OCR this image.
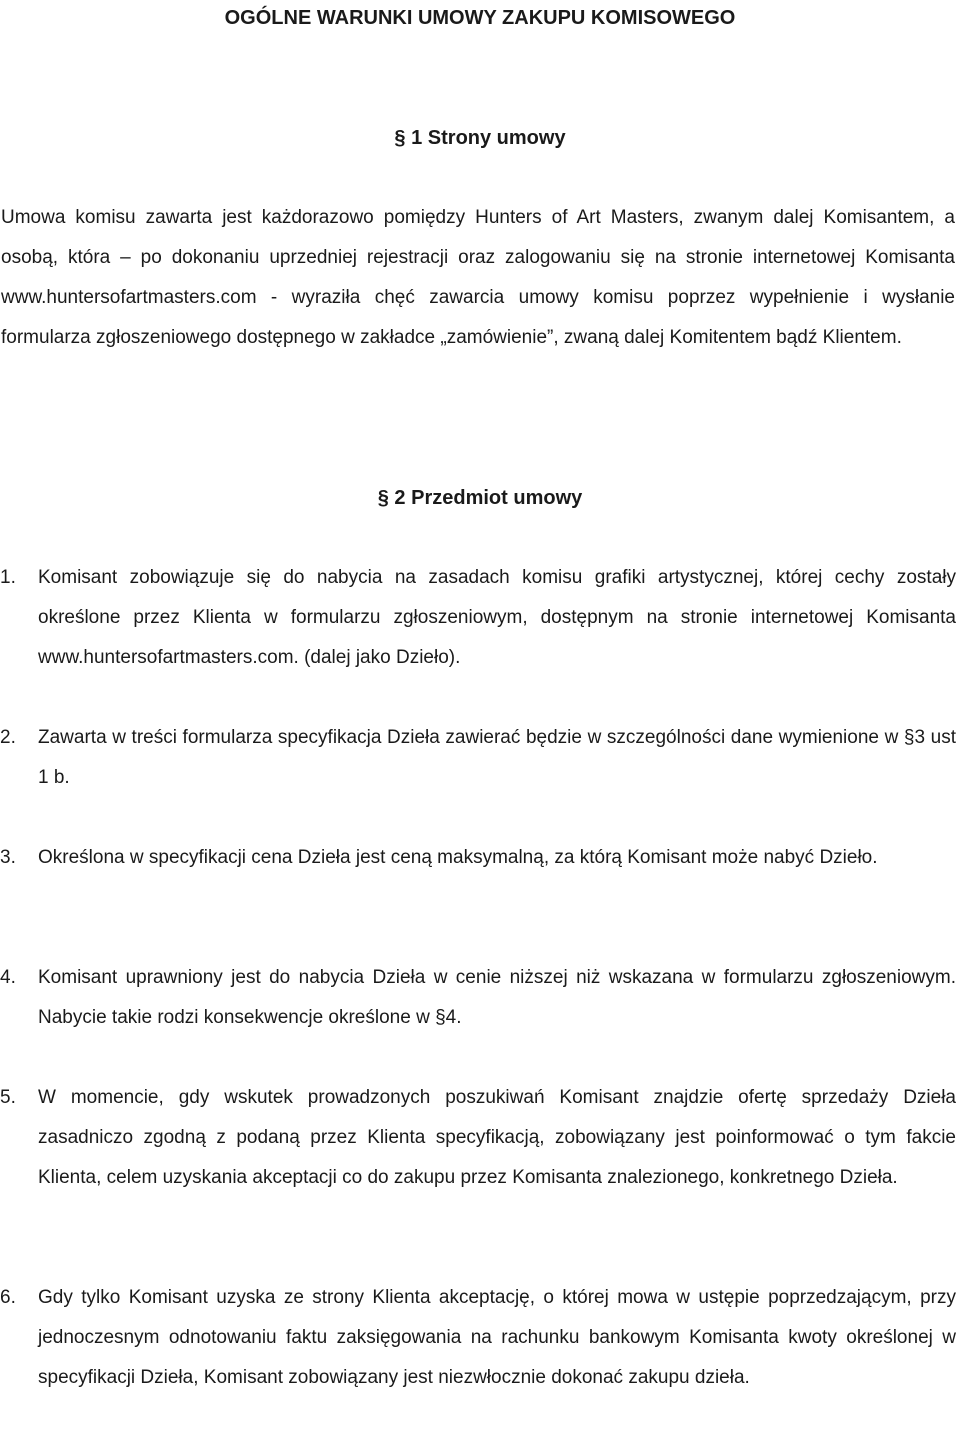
OGÓLNE WARUNKI UMOWY ZAKUPU KOMISOWEGO
§ 1 Strony umowy

Umowa komisu zawarta jest każdorazowo pomiędzy Hunters of Art Masters, zwanym dalej Komisantem, a osobą, która – po dokonaniu uprzedniej rejestracji oraz zalogowaniu się na stronie internetowej Komisanta www.huntersofartmasters.com - wyraziła chęć zawarcia umowy komisu poprzez wypełnienie i wysłanie formularza zgłoszeniowego dostępnego w zakładce „zamówienie”, zwaną dalej Komitentem bądź Klientem.

§ 2 Przedmiot umowy
1.	Komisant zobowiązuje się do nabycia na zasadach komisu grafiki artystycznej, której cechy zostały określone przez Klienta w formularzu zgłoszeniowym, dostępnym na stronie internetowej Komisanta www.huntersofartmasters.com. (dalej jako Dzieło).
2.	Zawarta w treści formularza specyfikacja Dzieła zawierać będzie w szczególności dane wymienione w §3 ust 1 b.
3.	Określona w specyfikacji cena Dzieła jest ceną maksymalną, za którą Komisant może nabyć Dzieło.
4.	Komisant uprawniony jest do nabycia Dzieła w cenie niższej niż wskazana w formularzu zgłoszeniowym. Nabycie takie rodzi konsekwencje określone w §4.
5.	W momencie, gdy wskutek prowadzonych poszukiwań Komisant znajdzie ofertę sprzedaży Dzieła zasadniczo zgodną z podaną przez Klienta specyfikacją, zobowiązany jest poinformować o tym fakcie Klienta, celem uzyskania akceptacji co do zakupu przez Komisanta znalezionego, konkretnego Dzieła.
6.	Gdy tylko Komisant uzyska ze strony Klienta akceptację, o której mowa w ustępie poprzedzającym, przy jednoczesnym odnotowaniu faktu zaksięgowania na rachunku bankowym Komisanta kwoty określonej w specyfikacji Dzieła, Komisant zobowiązany jest niezwłocznie dokonać zakupu dzieła.
